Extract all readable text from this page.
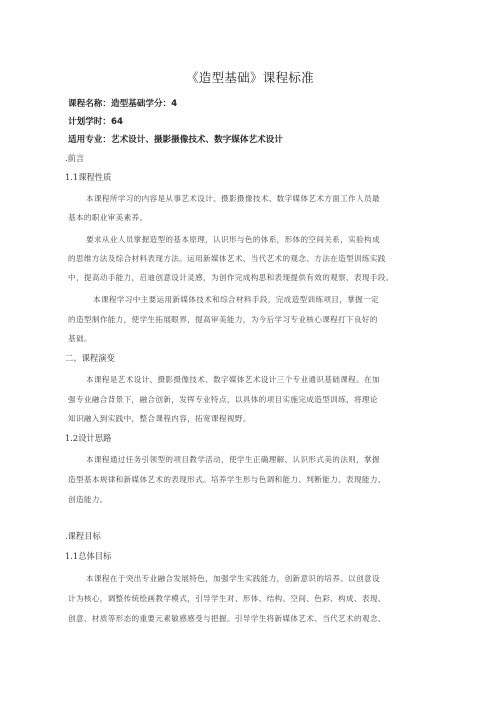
《造型基础》课程标准
课程名称：造型基础学分：4
计划学时：64
适用专业：艺术设计、摄影摄像技术、数字媒体艺术设计
.前言
1.1课程性质
本课程所学习的内容是从事艺术设计、摄影摄像技术、数字媒体艺术方面工作人员最
基本的职业审美素养。
要求从业人员掌握造型的基本原理，认识形与色的体系，形体的空间关系，实验构成
的思维方法及综合材料表现方法。运用新媒体艺术、当代艺术的观念、方法在造型训练实践
中，提高动手能力，启迪创意设计灵感，为创作完成构思和表现提供有效的观察、表现手段。
本课程学习中主要运用新媒体技术和综合材料手段，完成造型训练项目，掌握一定
的造型制作能力，使学生拓展眼界，提高审美能力，为今后学习专业核心课程打下良好的
基础。
二、课程演变
本课程是艺术设计、摄影摄像技术、数字媒体艺术设计三个专业通识基础课程。在加
强专业融合背景下，融合创新，发挥专业特点，以具体的项目实施完成造型训练，将理论
知识融入到实践中，整合课程内容，拓宽课程视野。
1.2设计思路
本课程通过任务引领型的项目教学活动，使学生正确理解、认识形式美的法则，掌握
造型基本规律和新媒体艺术的表现形式。培养学生形与色调和能力、判断能力、表现能力、
创造能力。
.课程目标
1.1总体目标
本课程在于突出专业融合发展特色，加强学生实践能力，创新意识的培养。以创意设
计为核心，调整传统绘画教学模式，引导学生对、形体、结构、空间、色彩、构成、表现、
创意、材质等形态的重要元素敏感感受与把握。引导学生将新媒体艺术、当代艺术的观念、
